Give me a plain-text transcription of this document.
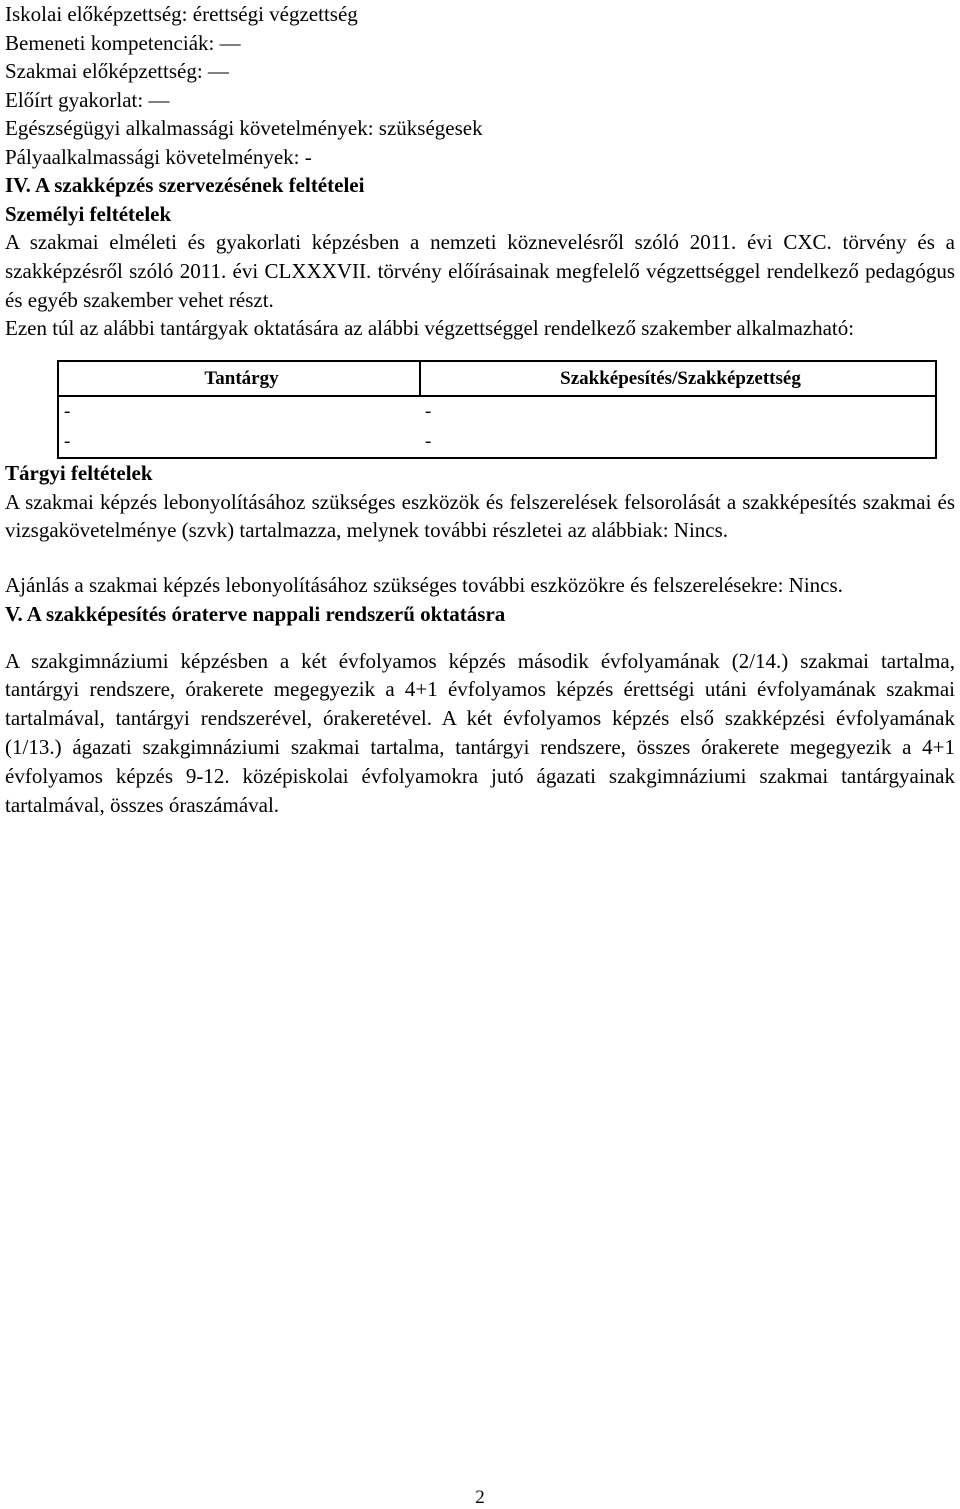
Iskolai előképzettség: érettségi végzettség
Bemeneti kompetenciák: —
Szakmai előképzettség: —
Előírt gyakorlat: —
Egészségügyi alkalmassági követelmények: szükségesek
Pályaalkalmassági követelmények: -
IV. A szakképzés szervezésének feltételei
Személyi feltételek

A szakmai elméleti és gyakorlati képzésben a nemzeti köznevelésről szóló 2011. évi CXC. törvény és a szakképzésről szóló 2011. évi CLXXXVII. törvény előírásainak megfelelő végzettséggel rendelkező pedagógus és egyéb szakember vehet részt.

Ezen túl az alábbi tantárgyak oktatására az alábbi végzettséggel rendelkező szakember alkalmazható:

Tantárgy	Szakképesítés/Szakképzettség
-	-
-	-
Tárgyi feltételek

A szakmai képzés lebonyolításához szükséges eszközök és felszerelések felsorolását a szakképesítés szakmai és vizsgakövetelménye (szvk) tartalmazza, melynek további részletei az alábbiak: Nincs.

Ajánlás a szakmai képzés lebonyolításához szükséges további eszközökre és felszerelésekre: Nincs.

V. A szakképesítés óraterve nappali rendszerű oktatásra

A szakgimnáziumi képzésben a két évfolyamos képzés második évfolyamának (2/14.) szakmai tartalma, tantárgyi rendszere, órakerete megegyezik a 4+1 évfolyamos képzés érettségi utáni évfolyamának szakmai tartalmával, tantárgyi rendszerével, órakeretével. A két évfolyamos képzés első szakképzési évfolyamának (1/13.) ágazati szakgimnáziumi szakmai tartalma, tantárgyi rendszere, összes órakerete megegyezik a 4+1 évfolyamos képzés 9-12. középiskolai évfolyamokra jutó ágazati szakgimnáziumi szakmai tantárgyainak tartalmával, összes óraszámával.

2
